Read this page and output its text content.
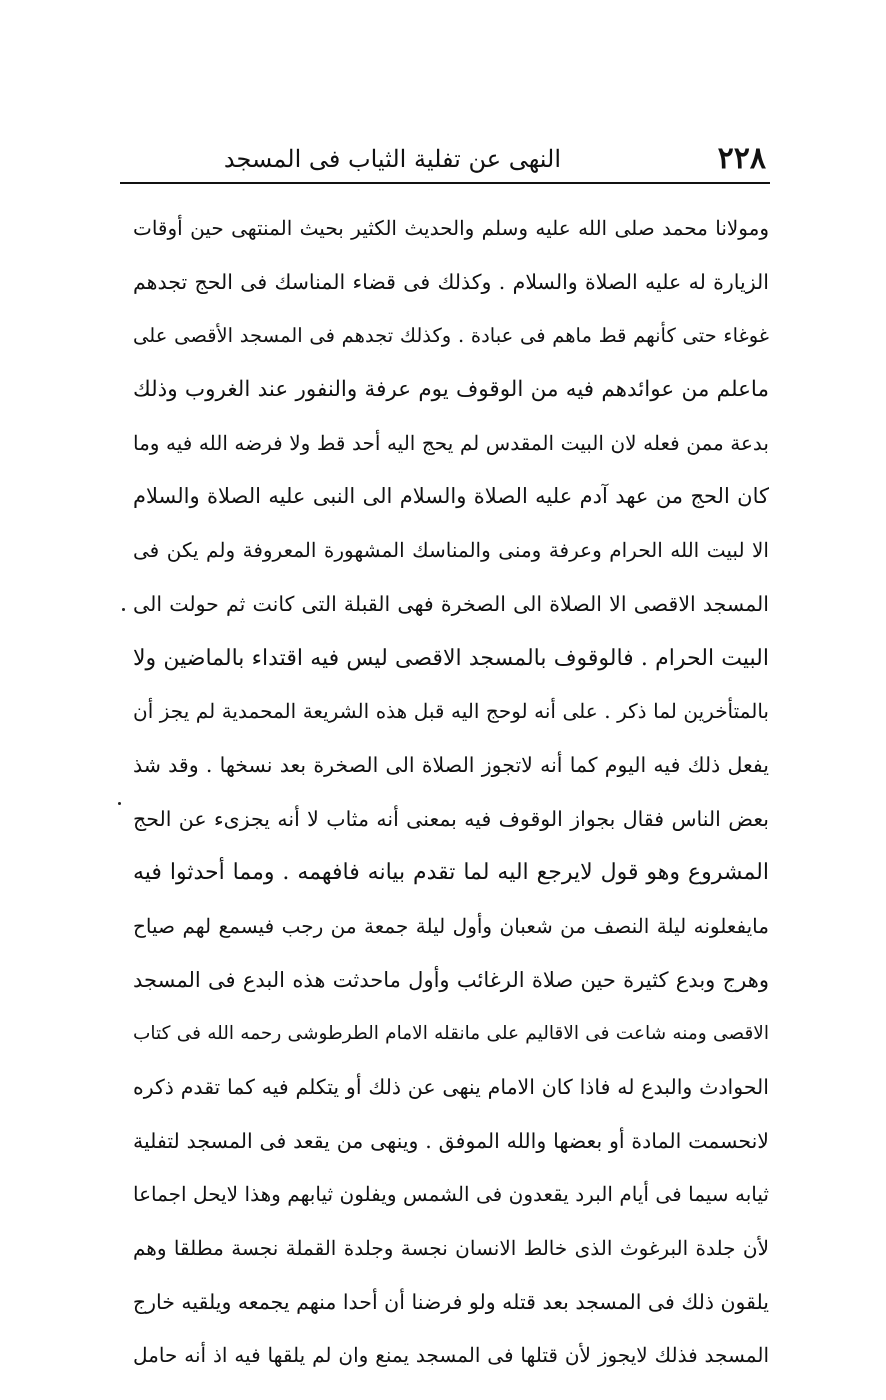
٢٢٨
النهى عن تفلية الثياب فى المسجد
ومولانا محمد صلى الله عليه وسلم والحديث الكثير بحيث المنتهى حين أوقات
الزيارة له عليه الصلاة والسلام . وكذلك فى قضاء المناسك فى الحج تجدهم
غوغاء حتى كأنهم قط ماهم فى عبادة . وكذلك تجدهم فى المسجد الأقصى على
ماعلم من عوائدهم فيه من الوقوف يوم عرفة والنفور عند الغروب وذلك
بدعة ممن فعله لان البيت المقدس لم يحج اليه أحد قط ولا فرضه الله فيه وما
كان الحج من عهد آدم عليه الصلاة والسلام الى النبى عليه الصلاة والسلام
الا لبيت الله الحرام وعرفة ومنى والمناسك المشهورة المعروفة ولم يكن فى
المسجد الاقصى الا الصلاة الى الصخرة فهى القبلة التى كانت ثم حولت الى
البيت الحرام . فالوقوف بالمسجد الاقصى ليس فيه اقتداء بالماضين ولا
بالمتأخرين لما ذكر . على أنه لوحج اليه قبل هذه الشريعة المحمدية لم يجز أن
يفعل ذلك فيه اليوم كما أنه لاتجوز الصلاة الى الصخرة بعد نسخها . وقد شذ
بعض الناس فقال بجواز الوقوف فيه بمعنى أنه مثاب لا أنه يجزىء عن الحج
المشروع وهو قول لايرجع اليه لما تقدم بيانه فافهمه . ومما أحدثوا فيه
مايفعلونه ليلة النصف من شعبان وأول ليلة جمعة من رجب فيسمع لهم صياح
وهرج وبدع كثيرة حين صلاة الرغائب وأول ماحدثت هذه البدع فى المسجد
الاقصى ومنه شاعت فى الاقاليم على مانقله الامام الطرطوشى رحمه الله فى كتاب
الحوادث والبدع له فاذا كان الامام ينهى عن ذلك أو يتكلم فيه كما تقدم ذكره
لانحسمت المادة أو بعضها والله الموفق . وينهى من يقعد فى المسجد لتفلية
ثيابه سيما فى أيام البرد يقعدون فى الشمس ويفلون ثيابهم وهذا لايحل اجماعا
لأن جلدة البرغوث الذى خالط الانسان نجسة وجلدة القملة نجسة مطلقا وهم
يلقون ذلك فى المسجد بعد قتله ولو فرضنا أن أحدا منهم يجمعه ويلقيه خارج
المسجد فذلك لايجوز لأن قتلها فى المسجد يمنع وان لم يلقها فيه اذ أنه حامل
